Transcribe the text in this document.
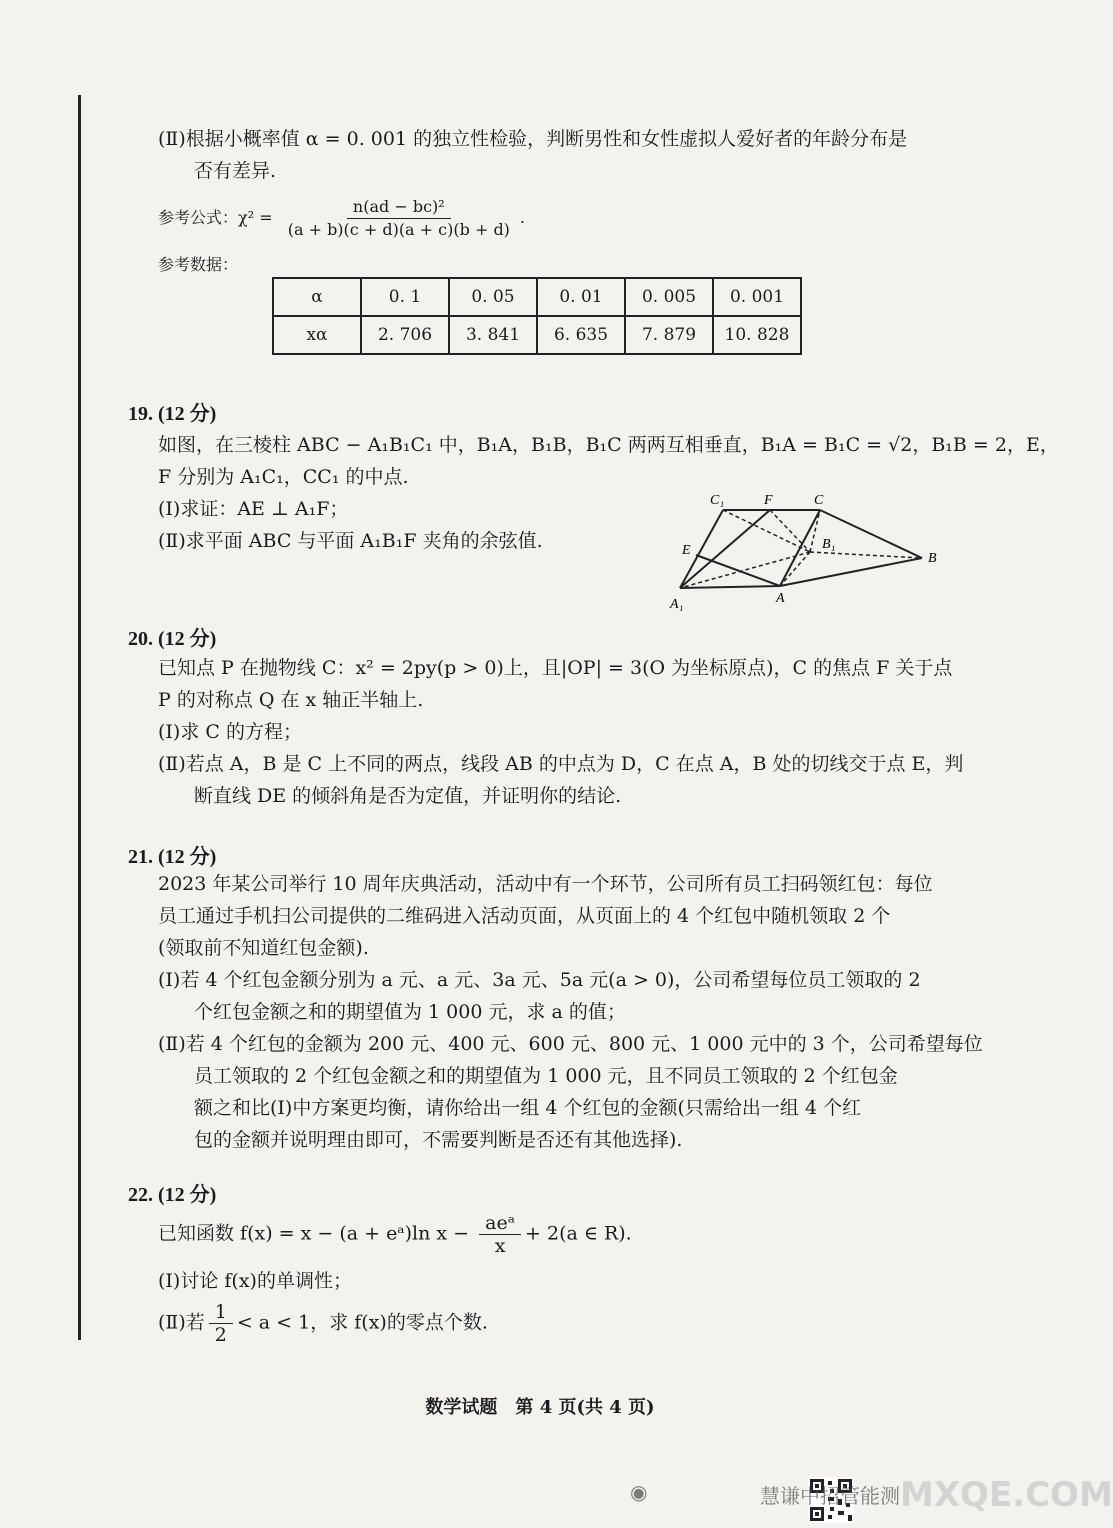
(Ⅱ)根据小概率值 α = 0. 001 的独立性检验，判断男性和女性虚拟人爱好者的年龄分布是
否有差异.
参考公式：$\chi^2 = \frac{\text{n(ad − bc)²}}{(a + b)(c + d)(a + c)(b + d)}$ .
参考数据：
α	0. 1	0. 05	0. 01	0. 005	0. 001
xα	2. 706	3. 841	6. 635	7. 879	10. 828
19. (12 分)
如图，在三棱柱 ABC − A₁B₁C₁ 中，B₁A，B₁B，B₁C 两两互相垂直，B₁A = B₁C = √2，B₁B = 2，E，
F 分别为 A₁C₁，CC₁ 的中点.
(Ⅰ)求证：AE ⊥ A₁F；
(Ⅱ)求平面 ABC 与平面 A₁B₁F 夹角的余弦值.
C₁	F	C
E	B₁
B
A₁	A
20. (12 分)
已知点 P 在抛物线 C：x² = 2py(p > 0)上，且|OP| = 3(O 为坐标原点)，C 的焦点 F 关于点
P 的对称点 Q 在 x 轴正半轴上.
(Ⅰ)求 C 的方程；
(Ⅱ)若点 A，B 是 C 上不同的两点，线段 AB 的中点为 D，C 在点 A，B 处的切线交于点 E，判
断直线 DE 的倾斜角是否为定值，并证明你的结论.
21. (12 分)
2023 年某公司举行 10 周年庆典活动，活动中有一个环节，公司所有员工扫码领红包：每位
员工通过手机扫公司提供的二维码进入活动页面，从页面上的 4 个红包中随机领取 2 个
(领取前不知道红包金额).
(Ⅰ)若 4 个红包金额分别为 a 元、a 元、3a 元、5a 元(a > 0)，公司希望每位员工领取的 2
个红包金额之和的期望值为 1 000 元，求 a 的值；
(Ⅱ)若 4 个红包的金额为 200 元、400 元、600 元、800 元、1 000 元中的 3 个，公司希望每位
员工领取的 2 个红包金额之和的期望值为 1 000 元，且不同员工领取的 2 个红包金
额之和比(Ⅰ)中方案更均衡，请你给出一组 4 个红包的金额(只需给出一组 4 个红
包的金额并说明理由即可，不需要判断是否还有其他选择).
22. (12 分)
已知函数 f(x) = x − (a + eᵃ)ln $x - \frac{\text{aeᵃ}}{x} + 2(a$ ∈ R).
(Ⅰ)讨论 f(x)的单调性；
(Ⅱ)若 $\frac{1}{2} < a < 1$，求 f(x)的零点个数.
数学试题　第 4 页(共 4 页)
◉	慧谦中招管能测 MXQE.COM
